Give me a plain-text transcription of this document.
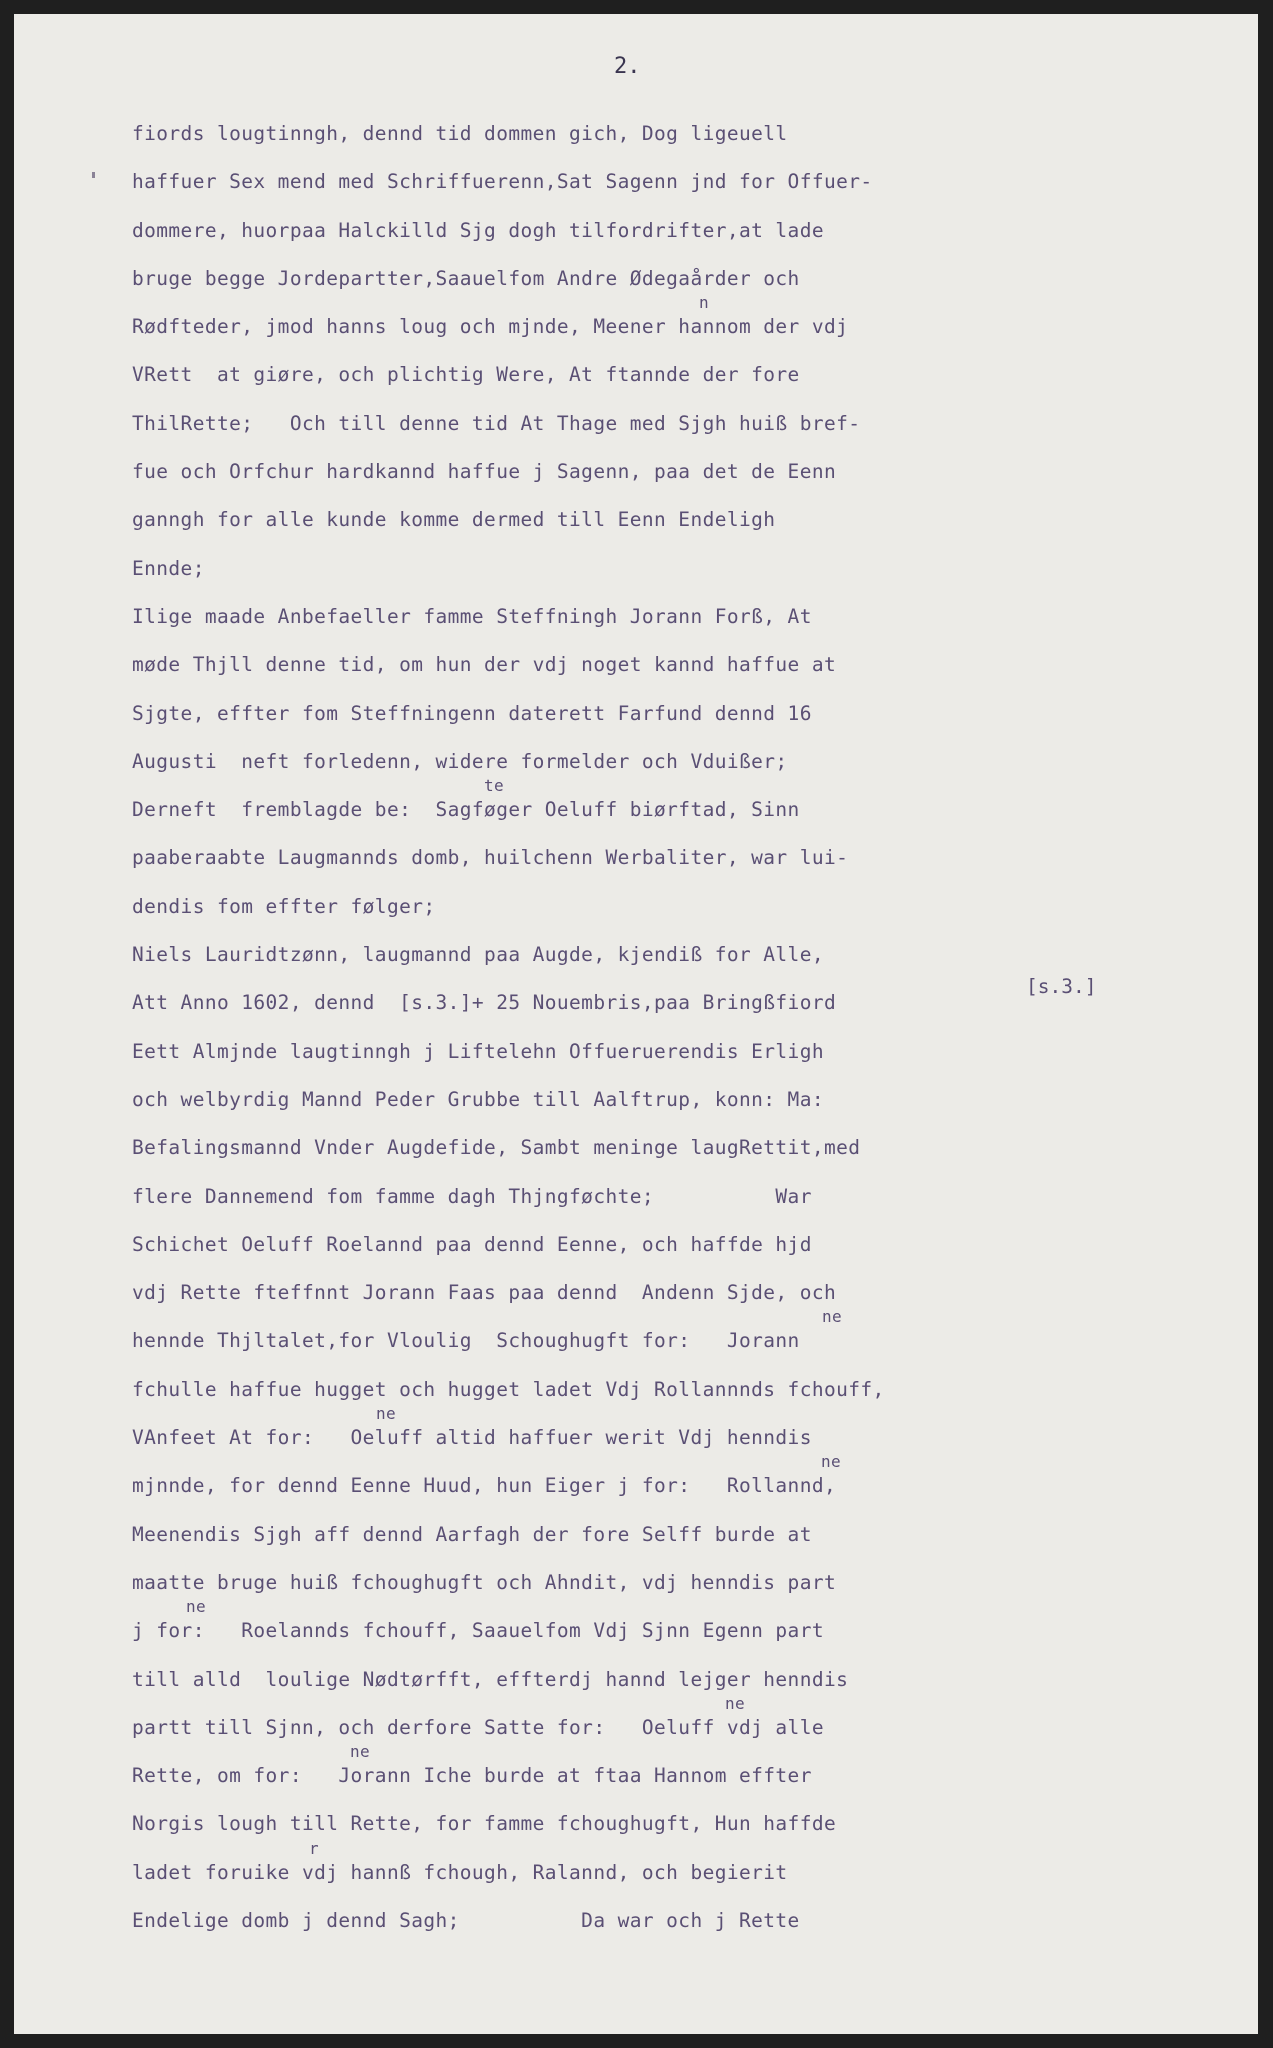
2.
fiords lougtinngh, dennd tid dommen gich, Dog ligeuell
haffuer Sex mend med Schriffuerenn,Sat Sagenn jnd for Offuer-
dommere, huorpaa Halckilld Sjg dogh tilfordrifter,at lade
bruge begge Jordepartter,Saauelfom Andre Ødegaårder och
n
Rødfteder, jmod hanns loug och mjnde, Meener hannom der vdj
VRett  at giøre, och plichtig Were, At ftannde der fore
ThilRette;   Och till denne tid At Thage med Sjgh huiß bref-
fue och Orfchur hardkannd haffue j Sagenn, paa det de Eenn
ganngh for alle kunde komme dermed till Eenn Endeligh
Ennde;
Ilige maade Anbefaeller famme Steffningh Jorann Forß, At
møde Thjll denne tid, om hun der vdj noget kannd haffue at
Sjgte, effter fom Steffningenn daterett Farfund dennd 16
Augusti  neft forledenn, widere formelder och Vduißer;
te
Derneft  fremblagde be:  Sagføger Oeluff biørftad, Sinn
paaberaabte Laugmannds domb, huilchenn Werbaliter, war lui-
dendis fom effter følger;
Niels Lauridtzønn, laugmannd paa Augde, kjendiß for Alle,
Att Anno 1602, dennd  [s.3.]+ 25 Nouembris,paa Bringßfiord
Eett Almjnde laugtinngh j Liftelehn Offueruerendis Erligh
och welbyrdig Mannd Peder Grubbe till Aalftrup, konn: Ma:
Befalingsmannd Vnder Augdefide, Sambt meninge laugRettit,med
flere Dannemend fom famme dagh Thjngføchte;          War
Schichet Oeluff Roelannd paa dennd Eenne, och haffde hjd
vdj Rette fteffnnt Jorann Faas paa dennd  Andenn Sjde, och
ne
henndе Thjltalet,for Vloulig  Schoughugft for:   Jorann
fchulle haffue hugget och hugget ladet Vdj Rollannnds fchouff,
ne
VAnfeet At for:   Oeluff altid haffuer werit Vdj henndis
ne
mjnnde, for dennd Eenne Huud, hun Eiger j for:   Rollannd,
Meenendis Sjgh aff dennd Aarfagh der fore Selff burde at
maatte bruge huiß fchoughugft och Ahndit, vdj henndis part
ne
j for:   Roelannds fchouff, Saauelfom Vdj Sjnn Egenn part
till alld  loulige Nødtørfft, effterdj hannd lejger henndis
ne
partt till Sjnn, och derfore Satte for:   Oeluff vdj alle
ne
Rette, om for:   Jorann Iche burde at ftaa Hannom effter
Norgis lough till Rette, for famme fchoughugft, Hun haffde
r
ladet foruike vdj hannß fchough, Ralannd, och begierit
Endelige domb j dennd Sagh;          Da war och j Rette
[s.3.]
